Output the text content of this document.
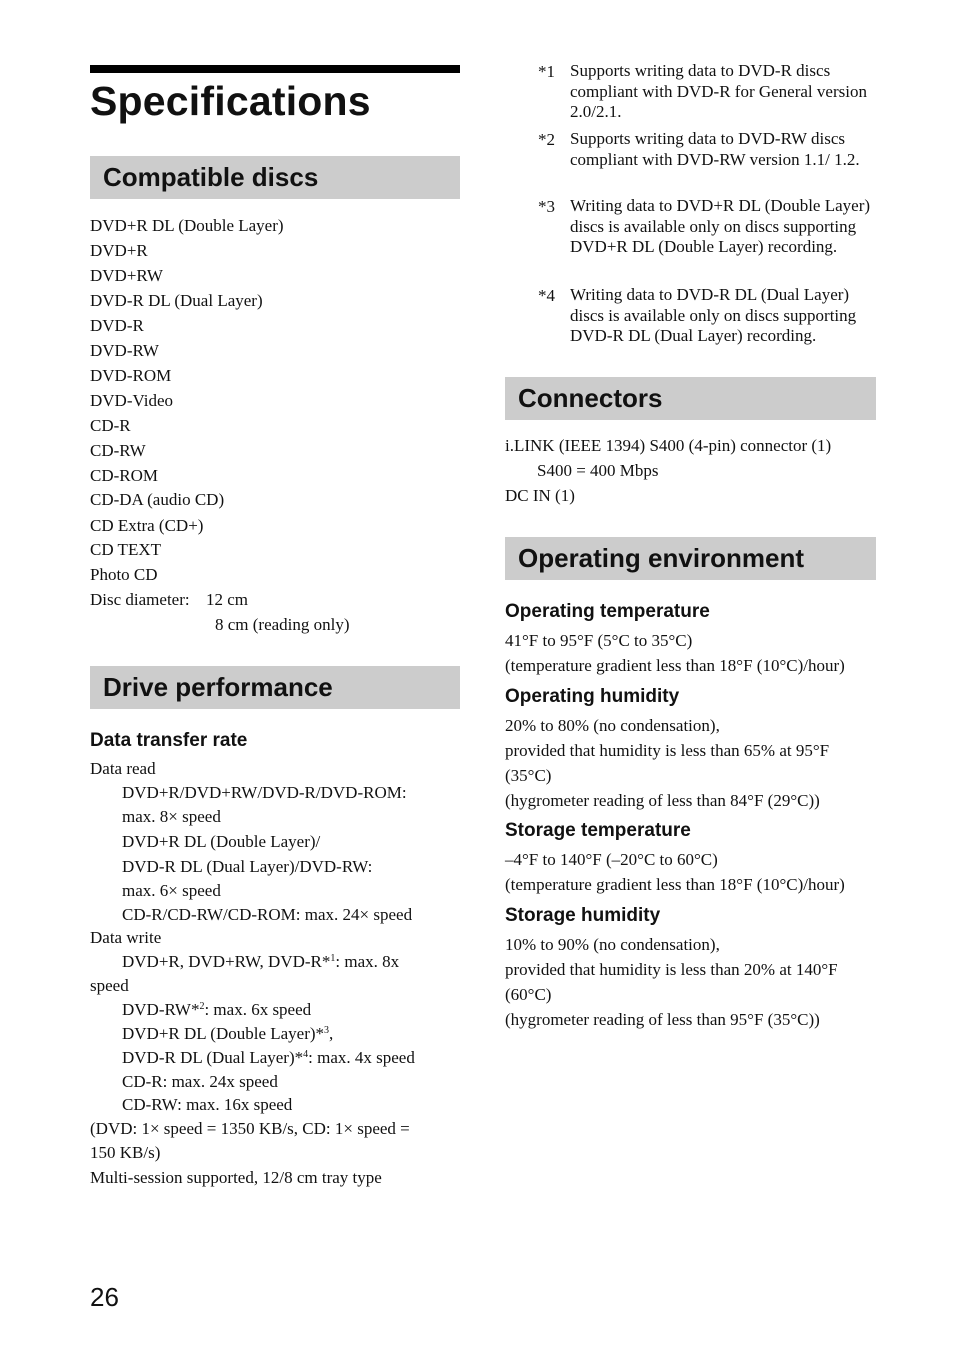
Specifications
Compatible discs
DVD+R DL (Double Layer)
DVD+R
DVD+RW
DVD-R DL (Dual Layer)
DVD-R
DVD-RW
DVD-ROM
DVD-Video
CD-R
CD-RW
CD-ROM
CD-DA (audio CD)
CD Extra (CD+)
CD TEXT
Photo CD
Disc diameter: 12 cm
8 cm (reading only)
Drive performance
Data transfer rate
Data read
DVD+R/DVD+RW/DVD-R/DVD-ROM:
max. 8× speed
DVD+R DL (Double Layer)/
DVD-R DL (Dual Layer)/DVD-RW:
max. 6× speed
CD-R/CD-RW/CD-ROM: max. 24× speed
Data write
DVD+R, DVD+RW, DVD-R*$^1$: max. 8x
speed
DVD-RW*$^2$: max. 6x speed
DVD+R DL (Double Layer)*$^3$,
DVD-R DL (Dual Layer)*$^4$: max. 4x speed
CD-R: max. 24x speed
CD-RW: max. 16x speed
(DVD: 1× speed = 1350 KB/s, CD: 1× speed =
150 KB/s)
Multi-session supported, 12/8 cm tray type
26
*1 Supports writing data to DVD-R discs compliant with DVD-R for General version 2.0/2.1.
*2 Supports writing data to DVD-RW discs compliant with DVD-RW version 1.1/ 1.2.
*3 Writing data to DVD+R DL (Double Layer) discs is available only on discs supporting DVD+R DL (Double Layer) recording.
*4 Writing data to DVD-R DL (Dual Layer) discs is available only on discs supporting DVD-R DL (Dual Layer) recording.
Connectors
i.LINK (IEEE 1394) S400 (4-pin) connector (1)
S400 = 400 Mbps
DC IN (1)
Operating environment
Operating temperature
41°F to 95°F (5°C to 35°C)
(temperature gradient less than 18°F (10°C)/hour)
Operating humidity
20% to 80% (no condensation),
provided that humidity is less than 65% at 95°F
(35°C)
(hygrometer reading of less than 84°F (29°C))
Storage temperature
–4°F to 140°F (–20°C to 60°C)
(temperature gradient less than 18°F (10°C)/hour)
Storage humidity
10% to 90% (no condensation),
provided that humidity is less than 20% at 140°F
(60°C)
(hygrometer reading of less than 95°F (35°C))
